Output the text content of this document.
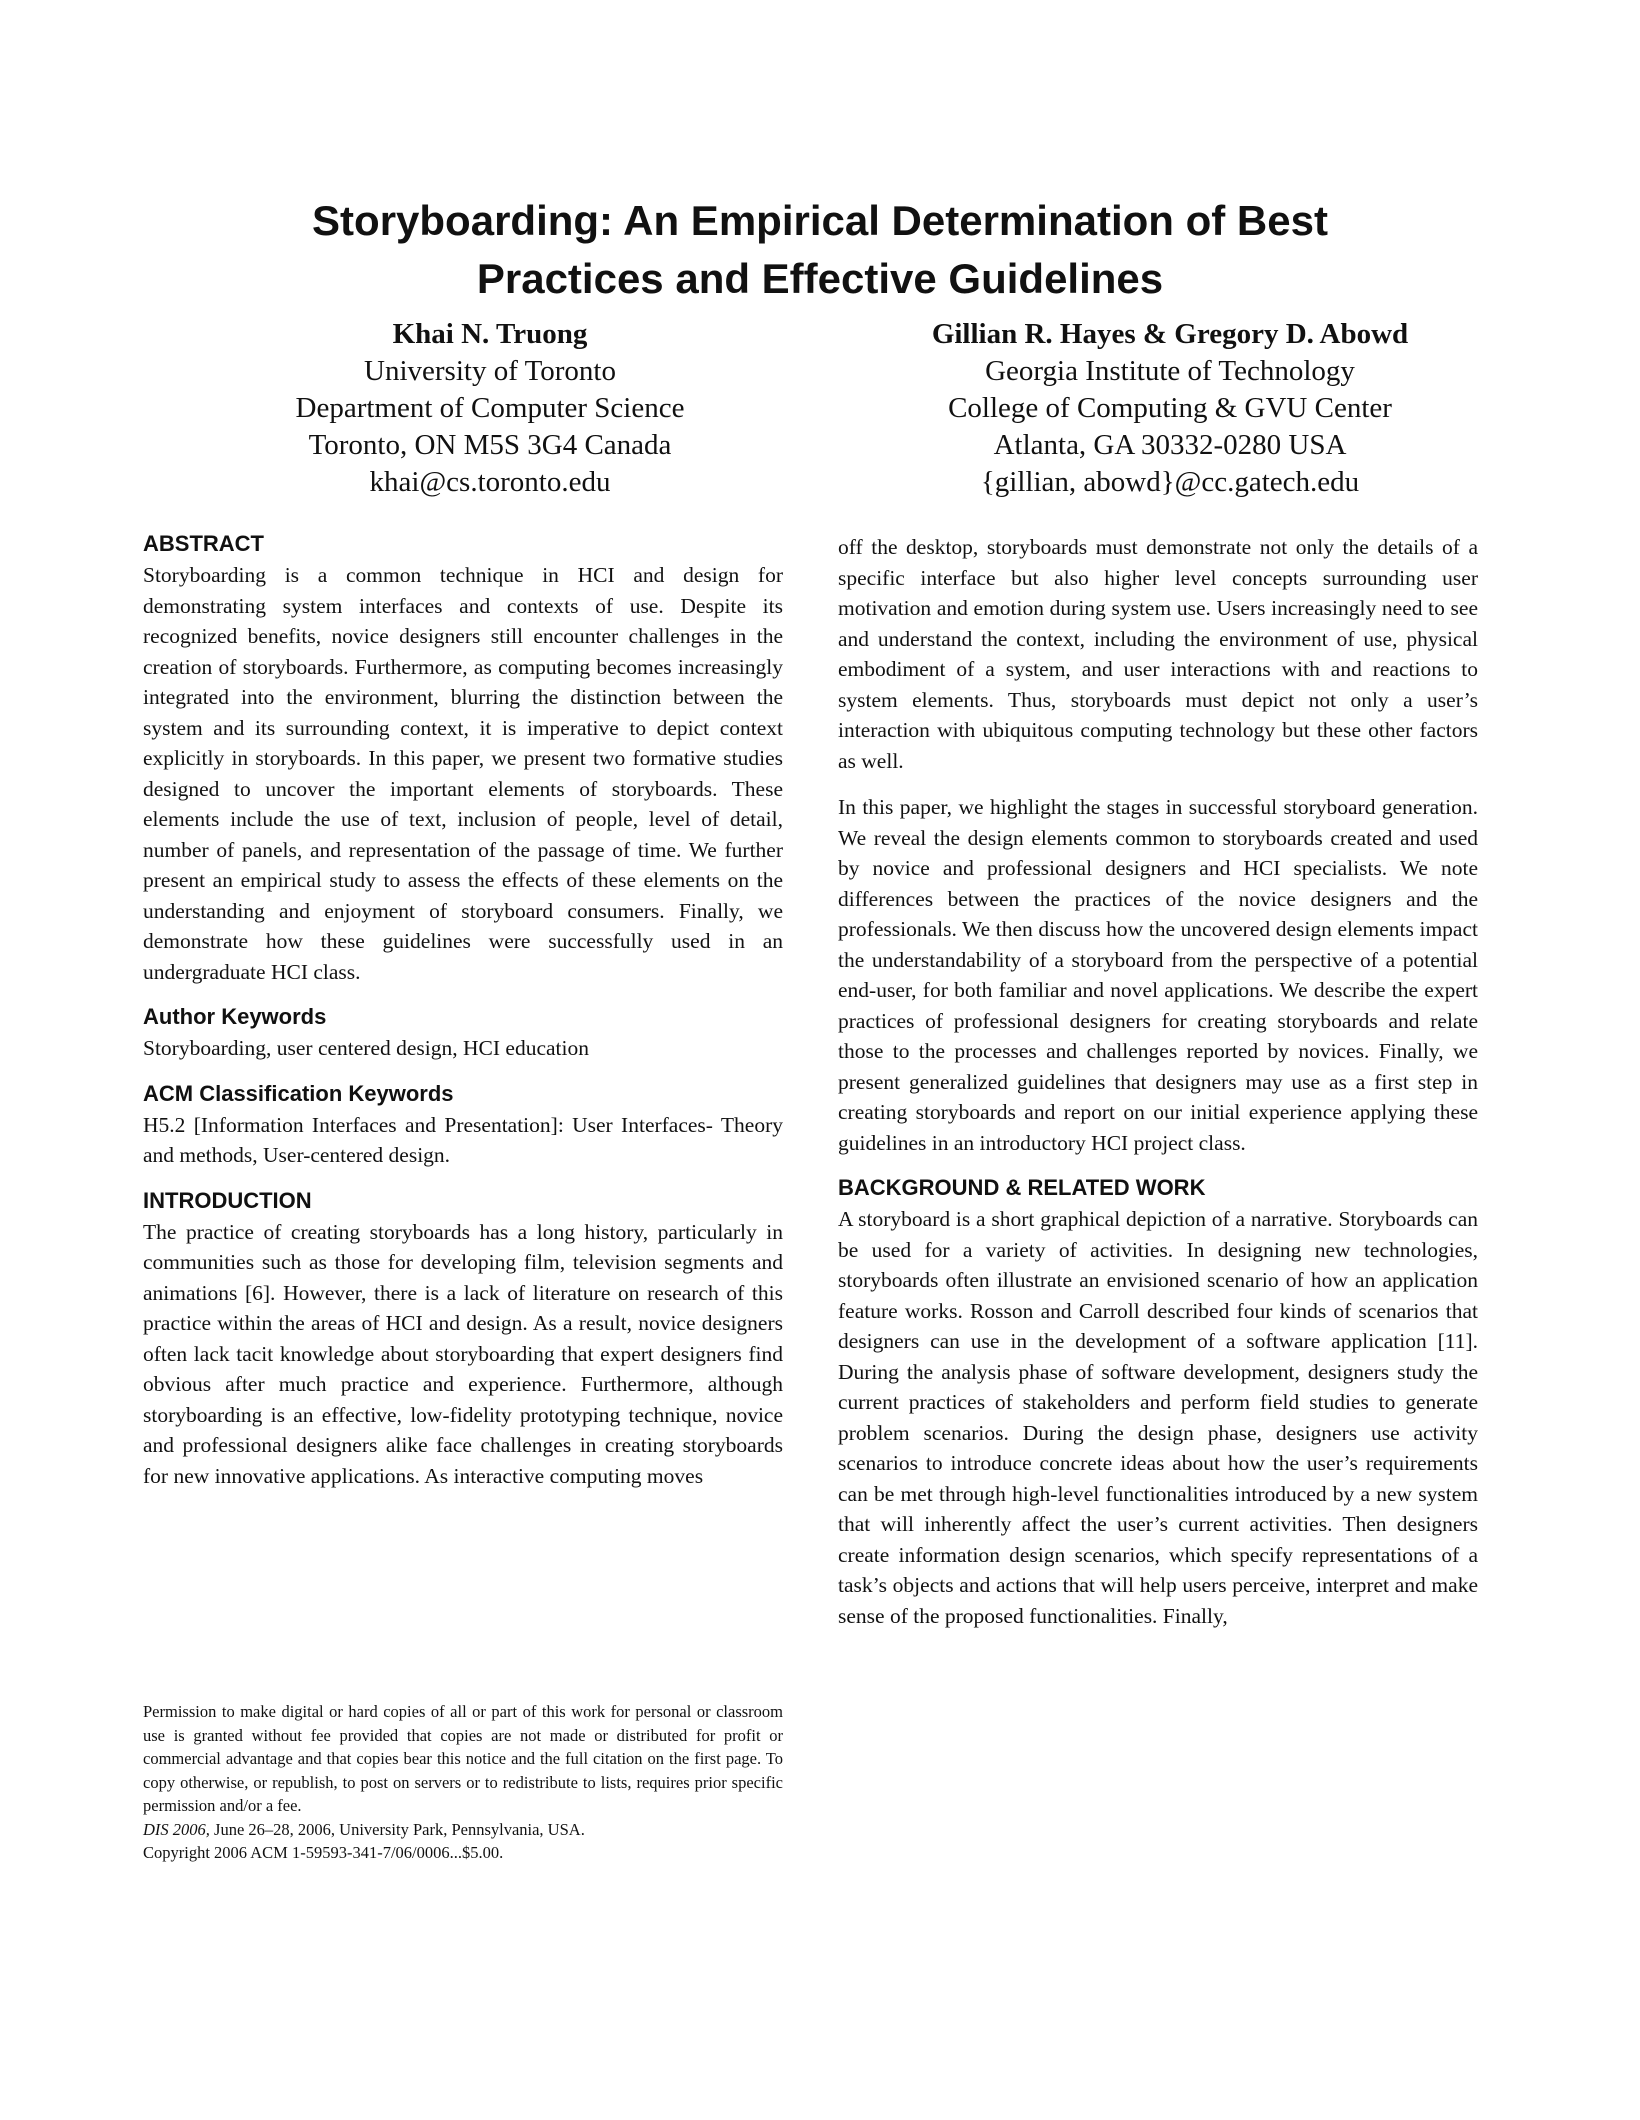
Storyboarding: An Empirical Determination of Best
Practices and Effective Guidelines
Khai N. Truong
University of Toronto
Department of Computer Science
Toronto, ON M5S 3G4 Canada
khai@cs.toronto.edu
Gillian R. Hayes & Gregory D. Abowd
Georgia Institute of Technology
College of Computing & GVU Center
Atlanta, GA 30332-0280 USA
{gillian, abowd}@cc.gatech.edu
ABSTRACT

Storyboarding is a common technique in HCI and design for demonstrating system interfaces and contexts of use. Despite its recognized benefits, novice designers still encounter challenges in the creation of storyboards. Furthermore, as computing becomes increasingly integrated into the environment, blurring the distinction between the system and its surrounding context, it is imperative to depict context explicitly in storyboards. In this paper, we present two formative studies designed to uncover the important elements of storyboards. These elements include the use of text, inclusion of people, level of detail, number of panels, and representation of the passage of time. We further present an empirical study to assess the effects of these elements on the understanding and enjoyment of storyboard consumers. Finally, we demonstrate how these guidelines were successfully used in an undergraduate HCI class.

Author Keywords

Storyboarding, user centered design, HCI education

ACM Classification Keywords

H5.2 [Information Interfaces and Presentation]: User Interfaces- Theory and methods, User-centered design.

INTRODUCTION

The practice of creating storyboards has a long history, particularly in communities such as those for developing film, television segments and animations [6]. However, there is a lack of literature on research of this practice within the areas of HCI and design. As a result, novice designers often lack tacit knowledge about storyboarding that expert designers find obvious after much practice and experience. Furthermore, although storyboarding is an effective, low-fidelity prototyping technique, novice and professional designers alike face challenges in creating storyboards for new innovative applications. As interactive computing moves

off the desktop, storyboards must demonstrate not only the details of a specific interface but also higher level concepts surrounding user motivation and emotion during system use. Users increasingly need to see and understand the context, including the environment of use, physical embodiment of a system, and user interactions with and reactions to system elements. Thus, storyboards must depict not only a user’s interaction with ubiquitous computing technology but these other factors as well.

In this paper, we highlight the stages in successful storyboard generation. We reveal the design elements common to storyboards created and used by novice and professional designers and HCI specialists. We note differences between the practices of the novice designers and the professionals. We then discuss how the uncovered design elements impact the understandability of a storyboard from the perspective of a potential end-user, for both familiar and novel applications. We describe the expert practices of professional designers for creating storyboards and relate those to the processes and challenges reported by novices. Finally, we present generalized guidelines that designers may use as a first step in creating storyboards and report on our initial experience applying these guidelines in an introductory HCI project class.

BACKGROUND & RELATED WORK

A storyboard is a short graphical depiction of a narrative. Storyboards can be used for a variety of activities. In designing new technologies, storyboards often illustrate an envisioned scenario of how an application feature works. Rosson and Carroll described four kinds of scenarios that designers can use in the development of a software application [11]. During the analysis phase of software development, designers study the current practices of stakeholders and perform field studies to generate problem scenarios. During the design phase, designers use activity scenarios to introduce concrete ideas about how the user’s requirements can be met through high-level functionalities introduced by a new system that will inherently affect the user’s current activities. Then designers create information design scenarios, which specify representations of a task’s objects and actions that will help users perceive, interpret and make sense of the proposed functionalities. Finally,

Permission to make digital or hard copies of all or part of this work for personal or classroom use is granted without fee provided that copies are not made or distributed for profit or commercial advantage and that copies bear this notice and the full citation on the first page. To copy otherwise, or republish, to post on servers or to redistribute to lists, requires prior specific permission and/or a fee.

DIS 2006, June 26–28, 2006, University Park, Pennsylvania, USA.

Copyright 2006 ACM 1-59593-341-7/06/0006...$5.00.
